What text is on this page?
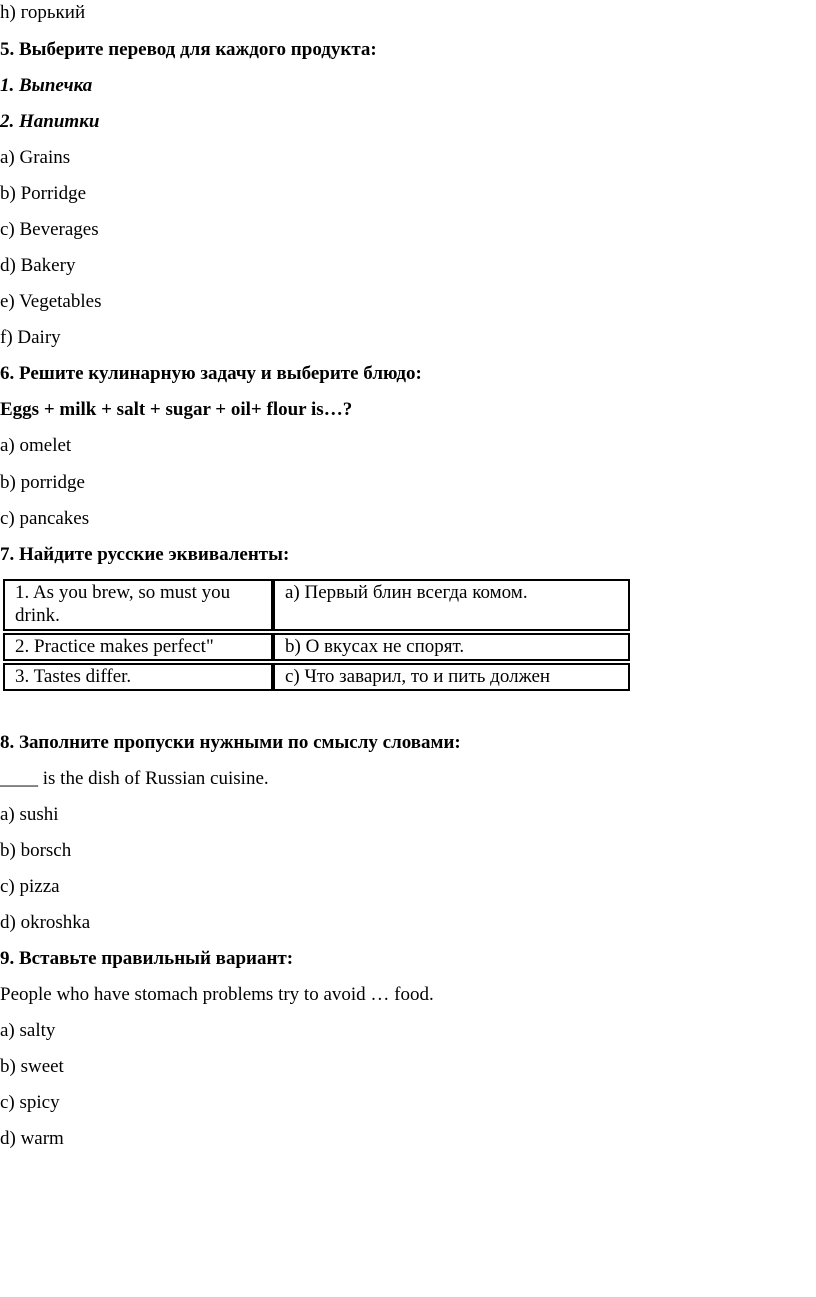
h) горький
5. Выберите перевод для каждого продукта:
1. Выпечка
2. Напитки
a) Grains
b) Porridge
c) Beverages
d) Bakery
e) Vegetables
f) Dairy
6. Решите кулинарную задачу и выберите блюдо:
Eggs + milk + salt + sugar + oil+ flour is…?
a) omelet
b) porridge
c) pancakes
7. Найдите русские эквиваленты:
1. As you brew, so must you drink.
a) Первый блин всегда комом.
2. Practice makes perfect"	b) О вкусах не спорят.
3. Tastes differ.	c) Что заварил, то и пить должен
8. Заполните пропуски нужными по смыслу словами:
____ is the dish of Russian cuisine.
a) sushi
b) borsch
c) pizza
d) okroshka
9. Вставьте правильный вариант:
People who have stomach problems try to avoid … food.
a) salty
b) sweet
c) spicy
d) warm
